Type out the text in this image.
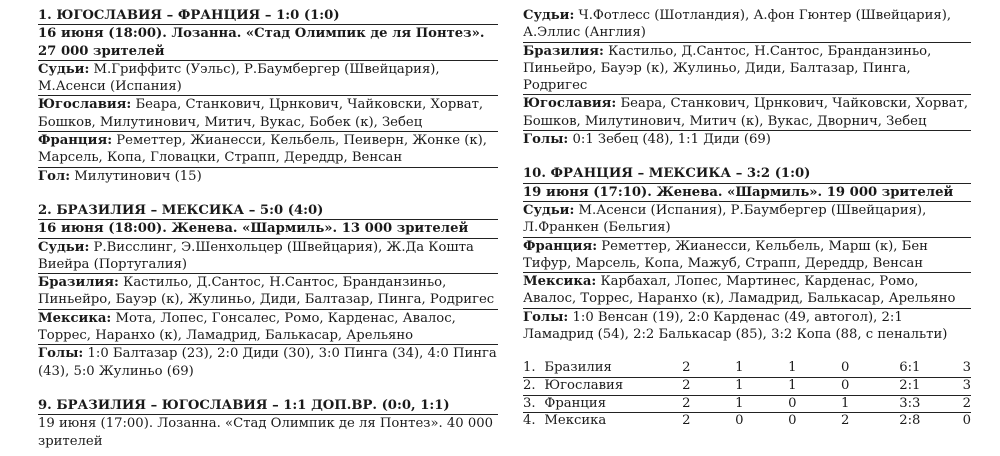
1. ЮГОСЛАВИЯ – ФРАНЦИЯ – 1:0 (1:0)
16 июня (18:00). Лозанна. «Стад Олимпик де ля Понтез». 27 000 зрителей
Судьи: М.Гриффитс (Уэльс), Р.Баумбергер (Швейцария), М.Асенси (Испания)
Югославия: Беара, Станкович, Црнкович, Чайковски, Хорват, Бошков, Милутинович, Митич, Вукас, Бобек (к), Зебец
Франция: Реметтер, Жианесси, Кельбель, Пеиверн, Жонке (к), Марсель, Копа, Гловацки, Страпп, Дереддр, Венсан
Гол: Милутинович (15)
2. БРАЗИЛИЯ – МЕКСИКА – 5:0 (4:0)
16 июня (18:00). Женева. «Шармиль». 13 000 зрителей
Судьи: Р.Висслинг, Э.Шенхольцер (Швейцария), Ж.Да Кошта Виейра (Португалия)
Бразилия: Кастильо, Д.Сантос, Н.Сантос, Бранданзиньо, Пиньейро, Бауэр (к), Жулиньо, Диди, Балтазар, Пинга, Родригес
Мексика: Мота, Лопес, Гонсалес, Ромо, Карденас, Авалос, Торрес, Наранхо (к), Ламадрид, Балькасар, Арельяно
Голы: 1:0 Балтазар (23), 2:0 Диди (30), 3:0 Пинга (34), 4:0 Пинга (43), 5:0 Жулиньо (69)
9. БРАЗИЛИЯ – ЮГОСЛАВИЯ – 1:1 ДОП.ВР. (0:0, 1:1)
19 июня (17:00). Лозанна. «Стад Олимпик де ля Понтез». 40 000 зрителей
Судьи: Ч.Фотлесс (Шотландия), А.фон Гюнтер (Швейцария), А.Эллис (Англия)
Бразилия: Кастильо, Д.Сантос, Н.Сантос, Бранданзиньо, Пиньейро, Бауэр (к), Жулиньо, Диди, Балтазар, Пинга, Родригес
Югославия: Беара, Станкович, Црнкович, Чайковски, Хорват, Бошков, Милутинович, Митич (к), Вукас, Дворнич, Зебец
Голы: 0:1 Зебец (48), 1:1 Диди (69)
10. ФРАНЦИЯ – МЕКСИКА – 3:2 (1:0)
19 июня (17:10). Женева. «Шармиль». 19 000 зрителей
Судьи: М.Асенси (Испания), Р.Баумбергер (Швейцария), Л.Франкен (Бельгия)
Франция: Реметтер, Жианесси, Кельбель, Марш (к), Бен Тифур, Марсель, Копа, Мажуб, Страпп, Дереддр, Венсан
Мексика: Карбахал, Лопес, Мартинес, Карденас, Ромо, Авалос, Торрес, Наранхо (к), Ламадрид, Балькасар, Арельяно
Голы: 1:0 Венсан (19), 2:0 Карденас (49, автогол), 2:1 Ламадрид (54), 2:2 Балькасар (85), 3:2 Копа (88, с пенальти)
1.	Бразилия	2	1	1	0	6:1	3
2.	Югославия	2	1	1	0	2:1	3
3.	Франция	2	1	0	1	3:3	2
4.	Мексика	2	0	0	2	2:8	0
